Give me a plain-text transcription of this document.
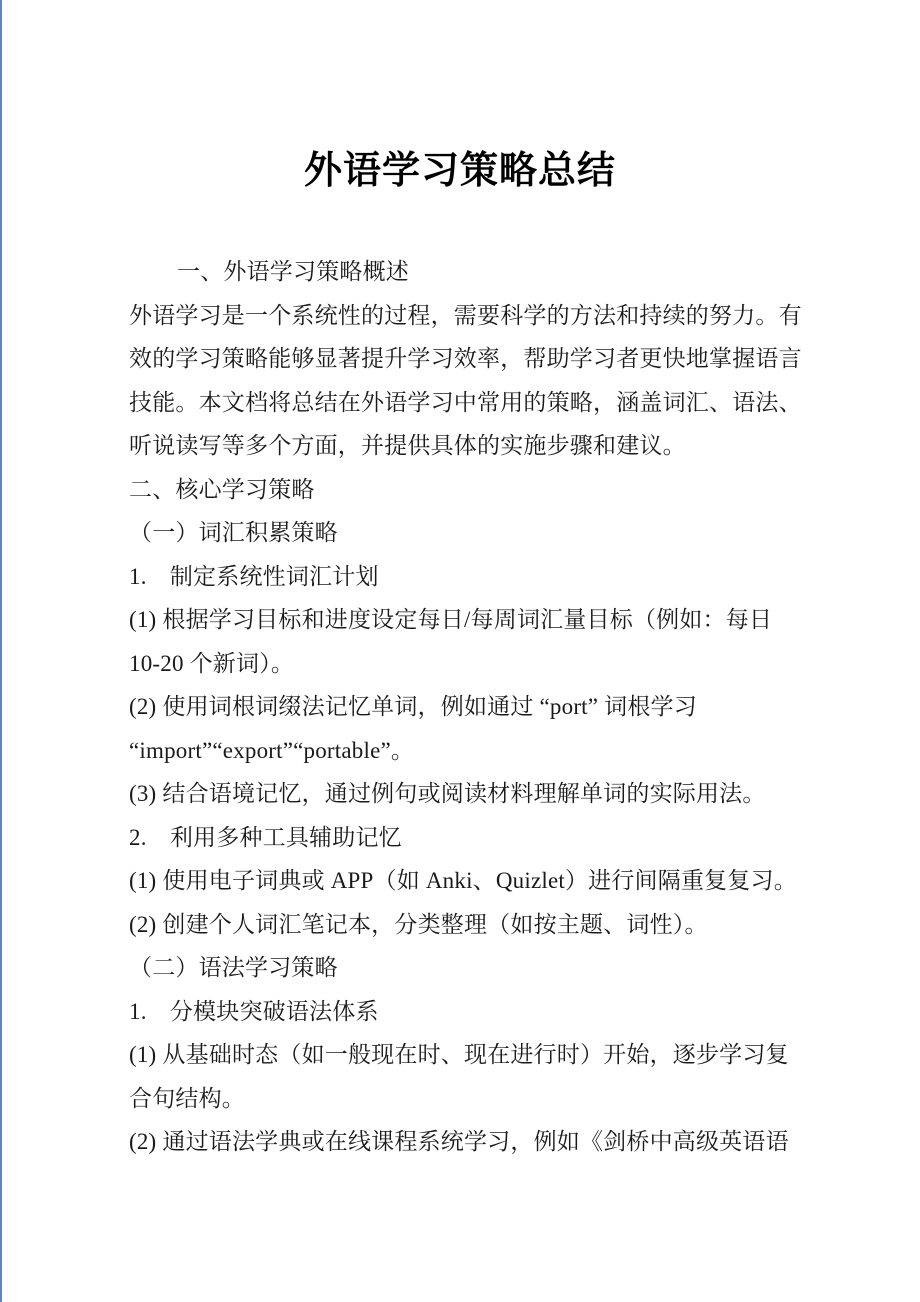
外语学习策略总结
一、外语学习策略概述
外语学习是一个系统性的过程，需要科学的方法和持续的努力。有
效的学习策略能够显著提升学习效率，帮助学习者更快地掌握语言
技能。本文档将总结在外语学习中常用的策略，涵盖词汇、语法、
听说读写等多个方面，并提供具体的实施步骤和建议。
二、核心学习策略
（一）词汇积累策略
1.　制定系统性词汇计划
(1) 根据学习目标和进度设定每日/每周词汇量目标（例如：每日
10-20 个新词）。
(2) 使用词根词缀法记忆单词，例如通过 “port” 词根学习
“import”“export”“portable”。
(3) 结合语境记忆，通过例句或阅读材料理解单词的实际用法。
2.　利用多种工具辅助记忆
(1) 使用电子词典或 APP（如 Anki、Quizlet）进行间隔重复复习。
(2) 创建个人词汇笔记本，分类整理（如按主题、词性）。
（二）语法学习策略
1.　分模块突破语法体系
(1) 从基础时态（如一般现在时、现在进行时）开始，逐步学习复
合句结构。
(2) 通过语法学典或在线课程系统学习，例如《剑桥中高级英语语
